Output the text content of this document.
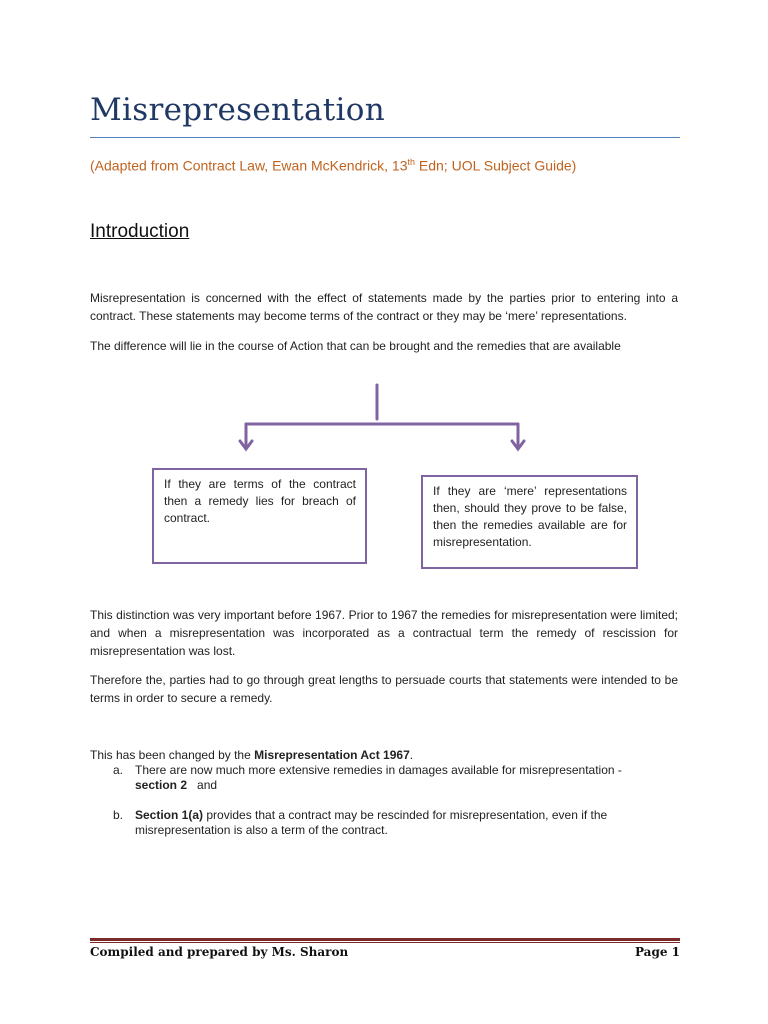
Misrepresentation
(Adapted from Contract Law, Ewan McKendrick, 13th Edn; UOL Subject Guide)
Introduction

Misrepresentation is concerned with the effect of statements made by the parties prior to entering into a contract. These statements may become terms of the contract or they may be ‘mere’ representations.

The difference will lie in the course of Action that can be brought and the remedies that are available

If they are terms of the contract then a remedy lies for breach of contract.
If they are ‘mere’ representations then, should they prove to be false, then the remedies available are for misrepresentation.

This distinction was very important before 1967. Prior to 1967 the remedies for misrepresentation were limited; and when a misrepresentation was incorporated as a contractual term the remedy of rescission for misrepresentation was lost.

Therefore the, parties had to go through great lengths to persuade courts that statements were intended to be terms in order to secure a remedy.

This has been changed by the Misrepresentation Act 1967.

a. There are now much more extensive remedies in damages available for misrepresentation -
section 2   and
b. Section 1(a) provides that a contract may be rescinded for misrepresentation, even if the misrepresentation is also a term of the contract.
Compiled and prepared by Ms. Sharon	Page 1
